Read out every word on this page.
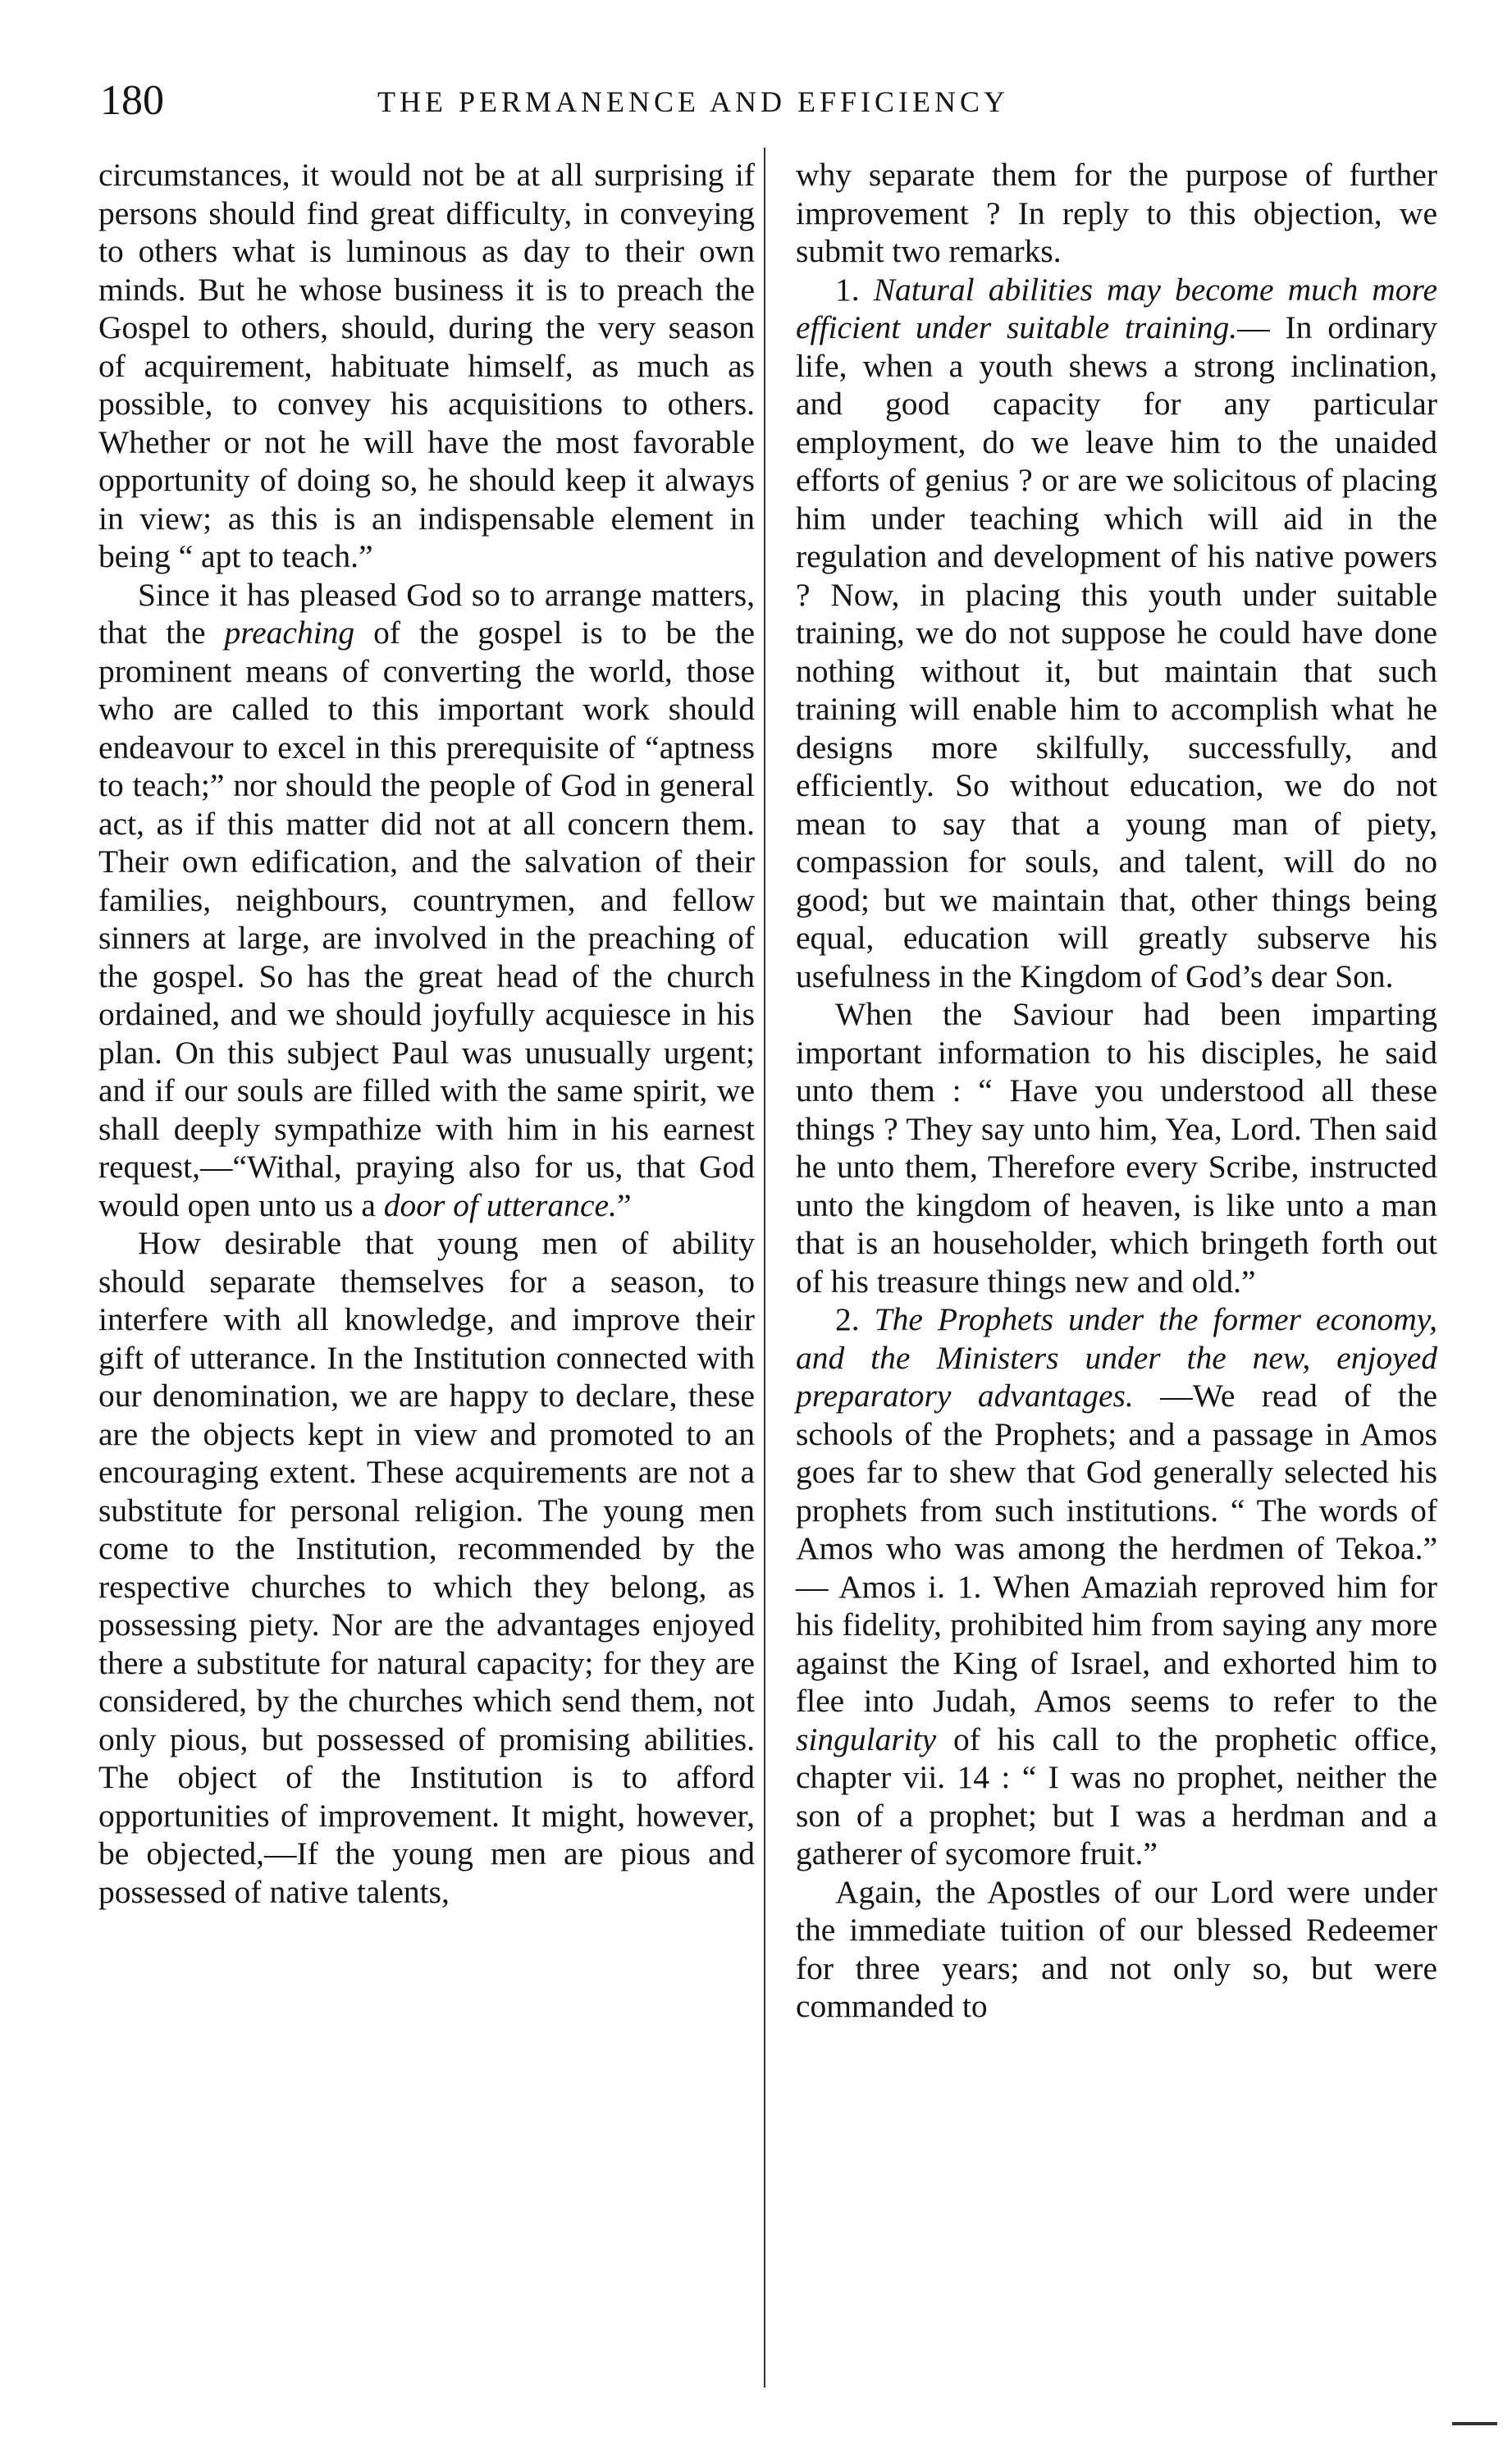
180	THE PERMANENCE AND EFFICIENCY

circumstances, it would not be at all surprising if persons should find great difficulty, in conveying to others what is luminous as day to their own minds. But he whose business it is to preach the Gospel to others, should, during the very season of acquirement, habituate himself, as much as possible, to convey his acquisitions to others. Whether or not he will have the most favorable opportunity of doing so, he should keep it always in view; as this is an indispensable element in being “ apt to teach.”

Since it has pleased God so to arrange matters, that the preaching of the gospel is to be the prominent means of converting the world, those who are called to this important work should endeavour to excel in this prerequisite of “aptness to teach;” nor should the people of God in general act, as if this matter did not at all concern them. Their own edification, and the salvation of their families, neighbours, countrymen, and fellow sinners at large, are involved in the preaching of the gospel. So has the great head of the church ordained, and we should joyfully acquiesce in his plan. On this subject Paul was unusually urgent; and if our souls are filled with the same spirit, we shall deeply sympathize with him in his earnest request,—“Withal, praying also for us, that God would open unto us a door of utterance.”

How desirable that young men of ability should separate themselves for a season, to interfere with all knowledge, and improve their gift of utterance. In the Institution connected with our denomination, we are happy to declare, these are the objects kept in view and promoted to an encouraging extent. These acquirements are not a substitute for personal religion. The young men come to the Institution, recommended by the respective churches to which they belong, as possessing piety. Nor are the advantages enjoyed there a substitute for natural capacity; for they are considered, by the churches which send them, not only pious, but possessed of promising abilities. The object of the Institution is to afford opportunities of improvement. It might, however, be objected,—If the young men are pious and possessed of native talents,

why separate them for the purpose of further improvement ? In reply to this objection, we submit two remarks.

1. Natural abilities may become much more efficient under suitable training.— In ordinary life, when a youth shews a strong inclination, and good capacity for any particular employment, do we leave him to the unaided efforts of genius ? or are we solicitous of placing him under teaching which will aid in the regulation and development of his native powers ? Now, in placing this youth under suitable training, we do not suppose he could have done nothing without it, but maintain that such training will enable him to accomplish what he designs more skilfully, successfully, and efficiently. So without education, we do not mean to say that a young man of piety, compassion for souls, and talent, will do no good; but we maintain that, other things being equal, education will greatly subserve his usefulness in the Kingdom of God’s dear Son.

When the Saviour had been imparting important information to his disciples, he said unto them : “ Have you understood all these things ? They say unto him, Yea, Lord. Then said he unto them, Therefore every Scribe, instructed unto the kingdom of heaven, is like unto a man that is an householder, which bringeth forth out of his treasure things new and old.”

2. The Prophets under the former economy, and the Ministers under the new, enjoyed preparatory advantages. —We read of the schools of the Prophets; and a passage in Amos goes far to shew that God generally selected his prophets from such institutions. “ The words of Amos who was among the herdmen of Tekoa.” — Amos i. 1. When Amaziah reproved him for his fidelity, prohibited him from saying any more against the King of Israel, and exhorted him to flee into Judah, Amos seems to refer to the singularity of his call to the prophetic office, chapter vii. 14 : “ I was no prophet, neither the son of a prophet; but I was a herdman and a gatherer of sycomore fruit.”

Again, the Apostles of our Lord were under the immediate tuition of our blessed Redeemer for three years; and not only so, but were commanded to
